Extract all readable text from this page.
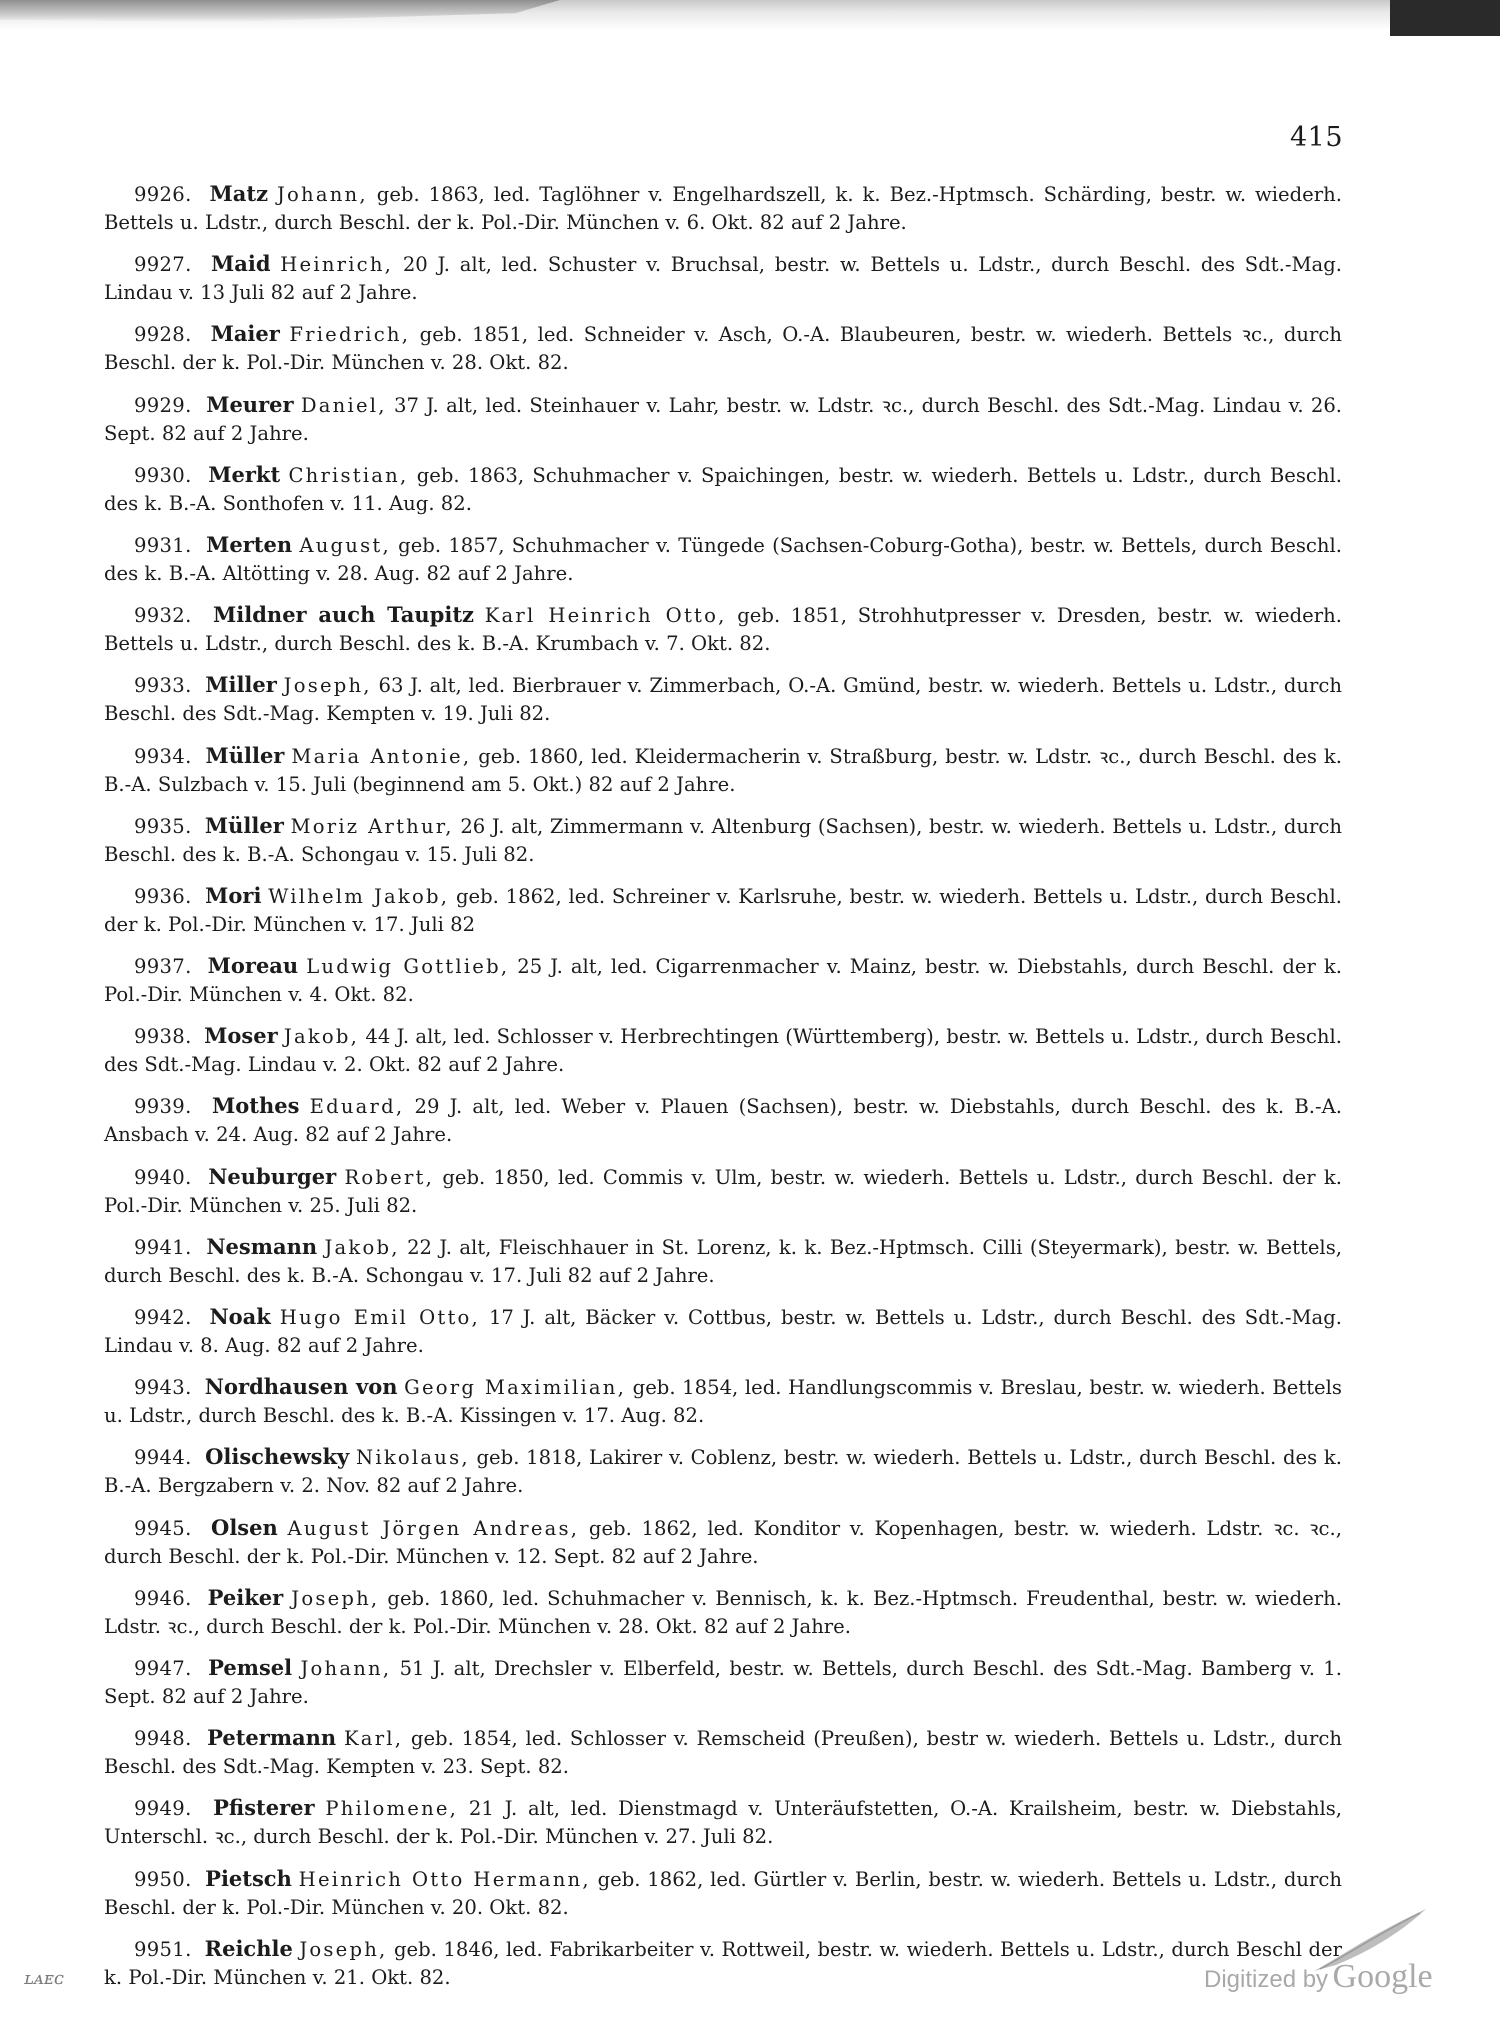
415

9926. Matz Johann, geb. 1863, led. Taglöhner v. Engelhardszell, k. k. Bez.-Hptmsch. Schärding, bestr. w. wiederh. Bettels u. Ldstr., durch Beschl. der k. Pol.-Dir. München v. 6. Okt. 82 auf 2 Jahre.

9927. Maid Heinrich, 20 J. alt, led. Schuster v. Bruchsal, bestr. w. Bettels u. Ldstr., durch Beschl. des Sdt.-Mag. Lindau v. 13 Juli 82 auf 2 Jahre.

9928. Maier Friedrich, geb. 1851, led. Schneider v. Asch, O.-A. Blaubeuren, bestr. w. wiederh. Bettels ꝛc., durch Beschl. der k. Pol.-Dir. München v. 28. Okt. 82.

9929. Meurer Daniel, 37 J. alt, led. Steinhauer v. Lahr, bestr. w. Ldstr. ꝛc., durch Beschl. des Sdt.-Mag. Lindau v. 26. Sept. 82 auf 2 Jahre.

9930. Merkt Christian, geb. 1863, Schuhmacher v. Spaichingen, bestr. w. wiederh. Bettels u. Ldstr., durch Beschl. des k. B.-A. Sonthofen v. 11. Aug. 82.

9931. Merten August, geb. 1857, Schuhmacher v. Tüngede (Sachsen-Coburg-Gotha), bestr. w. Bettels, durch Beschl. des k. B.-A. Altötting v. 28. Aug. 82 auf 2 Jahre.

9932. Mildner auch Taupitz Karl Heinrich Otto, geb. 1851, Strohhutpresser v. Dresden, bestr. w. wiederh. Bettels u. Ldstr., durch Beschl. des k. B.-A. Krumbach v. 7. Okt. 82.

9933. Miller Joseph, 63 J. alt, led. Bierbrauer v. Zimmerbach, O.-A. Gmünd, bestr. w. wiederh. Bettels u. Ldstr., durch Beschl. des Sdt.-Mag. Kempten v. 19. Juli 82.

9934. Müller Maria Antonie, geb. 1860, led. Kleidermacherin v. Straßburg, bestr. w. Ldstr. ꝛc., durch Beschl. des k. B.-A. Sulzbach v. 15. Juli (beginnend am 5. Okt.) 82 auf 2 Jahre.

9935. Müller Moriz Arthur, 26 J. alt, Zimmermann v. Altenburg (Sachsen), bestr. w. wiederh. Bettels u. Ldstr., durch Beschl. des k. B.-A. Schongau v. 15. Juli 82.

9936. Mori Wilhelm Jakob, geb. 1862, led. Schreiner v. Karlsruhe, bestr. w. wiederh. Bettels u. Ldstr., durch Beschl. der k. Pol.-Dir. München v. 17. Juli 82

9937. Moreau Ludwig Gottlieb, 25 J. alt, led. Cigarrenmacher v. Mainz, bestr. w. Diebstahls, durch Beschl. der k. Pol.-Dir. München v. 4. Okt. 82.

9938. Moser Jakob, 44 J. alt, led. Schlosser v. Herbrechtingen (Württemberg), bestr. w. Bettels u. Ldstr., durch Beschl. des Sdt.-Mag. Lindau v. 2. Okt. 82 auf 2 Jahre.

9939. Mothes Eduard, 29 J. alt, led. Weber v. Plauen (Sachsen), bestr. w. Diebstahls, durch Beschl. des k. B.-A. Ansbach v. 24. Aug. 82 auf 2 Jahre.

9940. Neuburger Robert, geb. 1850, led. Commis v. Ulm, bestr. w. wiederh. Bettels u. Ldstr., durch Beschl. der k. Pol.-Dir. München v. 25. Juli 82.

9941. Nesmann Jakob, 22 J. alt, Fleischhauer in St. Lorenz, k. k. Bez.-Hptmsch. Cilli (Steyermark), bestr. w. Bettels, durch Beschl. des k. B.-A. Schongau v. 17. Juli 82 auf 2 Jahre.

9942. Noak Hugo Emil Otto, 17 J. alt, Bäcker v. Cottbus, bestr. w. Bettels u. Ldstr., durch Beschl. des Sdt.-Mag. Lindau v. 8. Aug. 82 auf 2 Jahre.

9943. Nordhausen von Georg Maximilian, geb. 1854, led. Handlungscommis v. Breslau, bestr. w. wiederh. Bettels u. Ldstr., durch Beschl. des k. B.-A. Kissingen v. 17. Aug. 82.

9944. Olischewsky Nikolaus, geb. 1818, Lakirer v. Coblenz, bestr. w. wiederh. Bettels u. Ldstr., durch Beschl. des k. B.-A. Bergzabern v. 2. Nov. 82 auf 2 Jahre.

9945. Olsen August Jörgen Andreas, geb. 1862, led. Konditor v. Kopenhagen, bestr. w. wiederh. Ldstr. ꝛc. ꝛc., durch Beschl. der k. Pol.-Dir. München v. 12. Sept. 82 auf 2 Jahre.

9946. Peiker Joseph, geb. 1860, led. Schuhmacher v. Bennisch, k. k. Bez.-Hptmsch. Freudenthal, bestr. w. wiederh. Ldstr. ꝛc., durch Beschl. der k. Pol.-Dir. München v. 28. Okt. 82 auf 2 Jahre.

9947. Pemsel Johann, 51 J. alt, Drechsler v. Elberfeld, bestr. w. Bettels, durch Beschl. des Sdt.-Mag. Bamberg v. 1. Sept. 82 auf 2 Jahre.

9948. Petermann Karl, geb. 1854, led. Schlosser v. Remscheid (Preußen), bestr w. wiederh. Bettels u. Ldstr., durch Beschl. des Sdt.-Mag. Kempten v. 23. Sept. 82.

9949. Pfisterer Philomene, 21 J. alt, led. Dienstmagd v. Unteräufstetten, O.-A. Krailsheim, bestr. w. Diebstahls, Unterschl. ꝛc., durch Beschl. der k. Pol.-Dir. München v. 27. Juli 82.

9950. Pietsch Heinrich Otto Hermann, geb. 1862, led. Gürtler v. Berlin, bestr. w. wiederh. Bettels u. Ldstr., durch Beschl. der k. Pol.-Dir. München v. 20. Okt. 82.

9951. Reichle Joseph, geb. 1846, led. Fabrikarbeiter v. Rottweil, bestr. w. wiederh. Bettels u. Ldstr., durch Beschl der k. Pol.-Dir. München v. 21. Okt. 82.

ʟᴀᴇᴄ	Digitized by Google
